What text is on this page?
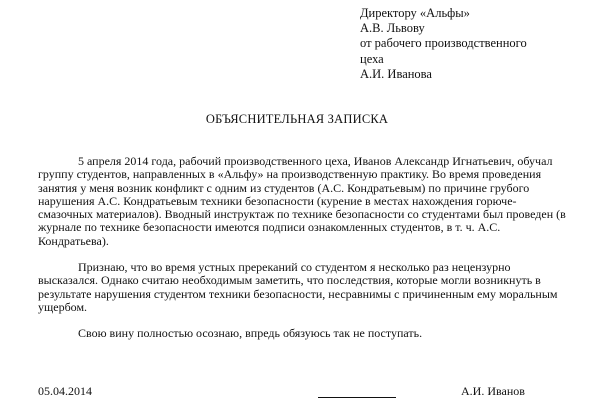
Директору «Альфы»
А.В. Львову
от рабочего производственного
цеха
А.И. Иванова
ОБЪЯСНИТЕЛЬНАЯ ЗАПИСКА

5 апреля 2014 года, рабочий производственного цеха, Иванов Александр Игнатьевич, обучал группу студентов, направленных в «Альфу» на производственную практику. Во время проведения занятия у меня возник конфликт с одним из студентов (А.С. Кондратьевым) по причине грубого нарушения А.С. Кондратьевым техники безопасности (курение в местах нахождения горюче-смазочных материалов). Вводный инструктаж по технике безопасности со студентами был проведен (в журнале по технике безопасности имеются подписи ознакомленных студентов, в т. ч. А.С. Кондратьева).

Признаю, что во время устных пререканий со студентом я несколько раз нецензурно высказался. Однако считаю необходимым заметить, что последствия, которые могли возникнуть в результате нарушения студентом техники безопасности, несравнимы с причиненным ему моральным ущербом.

Свою вину полностью осознаю, впредь обязуюсь так не поступать.

05.04.2014	А.И. Иванов
